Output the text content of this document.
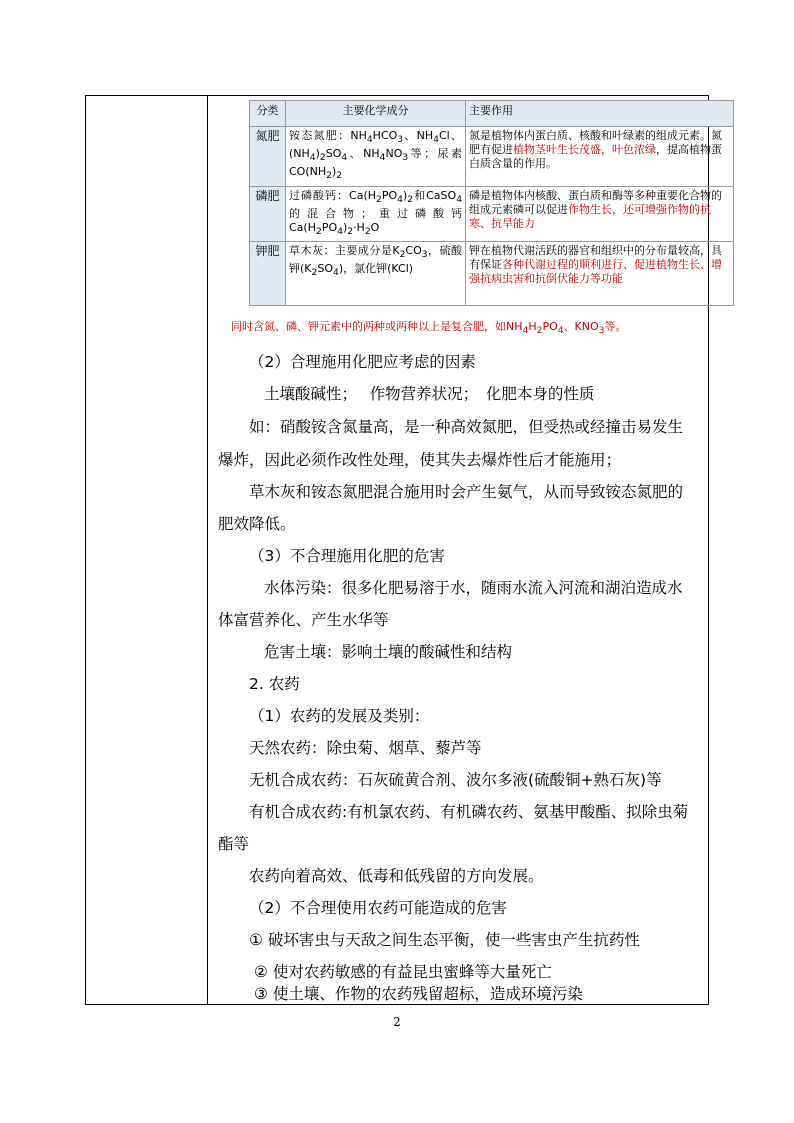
分类	主要化学成分	主要作用
氮肥	铵态氮肥：$NH_4HCO_3$、$NH_4Cl$、$(NH_4)_2SO_4$、$NH_4NO_3$等；尿素$CO(NH_2)_2$	氮是植物体内蛋白质、核酸和叶绿素的组成元素。氮肥有促进植物茎叶生长茂盛，叶色浓绿，提高植物蛋白质含量的作用。
磷肥	过磷酸钙：$Ca(H_2PO_4)_2$和CaSO$_4$的混合物；重过磷酸钙$Ca(H_2PO_4)_2\cdot H_2O$	磷是植物体内核酸、蛋白质和酶等多种重要化合物的组成元素磷可以促进作物生长，还可增强作物的抗寒、抗旱能力
钾肥	草木灰：主要成分是$K_2CO_3$，硫酸钾$(K_2SO_4)$，氯化钾(KCl)	钾在植物代谢活跃的器官和组织中的分布量较高，具有保证各种代谢过程的顺利进行、促进植物生长、增强抗病虫害和抗倒伏能力等功能
同时含氮、磷、钾元素中的两种或两种以上是复合肥，如$NH_4H_2PO_4$、$KNO_3$等。
（2）合理施用化肥应考虑的因素
土壤酸碱性；　 作物营养状况；　化肥本身的性质
如：硝酸铵含氮量高，是一种高效氮肥，但受热或经撞击易发生
爆炸，因此必须作改性处理，使其失去爆炸性后才能施用；
草木灰和铵态氮肥混合施用时会产生氨气，从而导致铵态氮肥的
肥效降低。
（3）不合理施用化肥的危害
水体污染：很多化肥易溶于水，随雨水流入河流和湖泊造成水
体富营养化、产生水华等
危害土壤：影响土壤的酸碱性和结构
2. 农药
（1）农药的发展及类别：
天然农药：除虫菊、烟草、藜芦等
无机合成农药：石灰硫黄合剂、波尔多液(硫酸铜+熟石灰)等
有机合成农药:有机氯农药、有机磷农药、氨基甲酸酯、拟除虫菊
酯等
农药向着高效、低毒和低残留的方向发展。
（2）不合理使用农药可能造成的危害
① 破坏害虫与天敌之间生态平衡，使一些害虫产生抗药性
② 使对农药敏感的有益昆虫蜜蜂等大量死亡
③ 使土壤、作物的农药残留超标，造成环境污染
2
